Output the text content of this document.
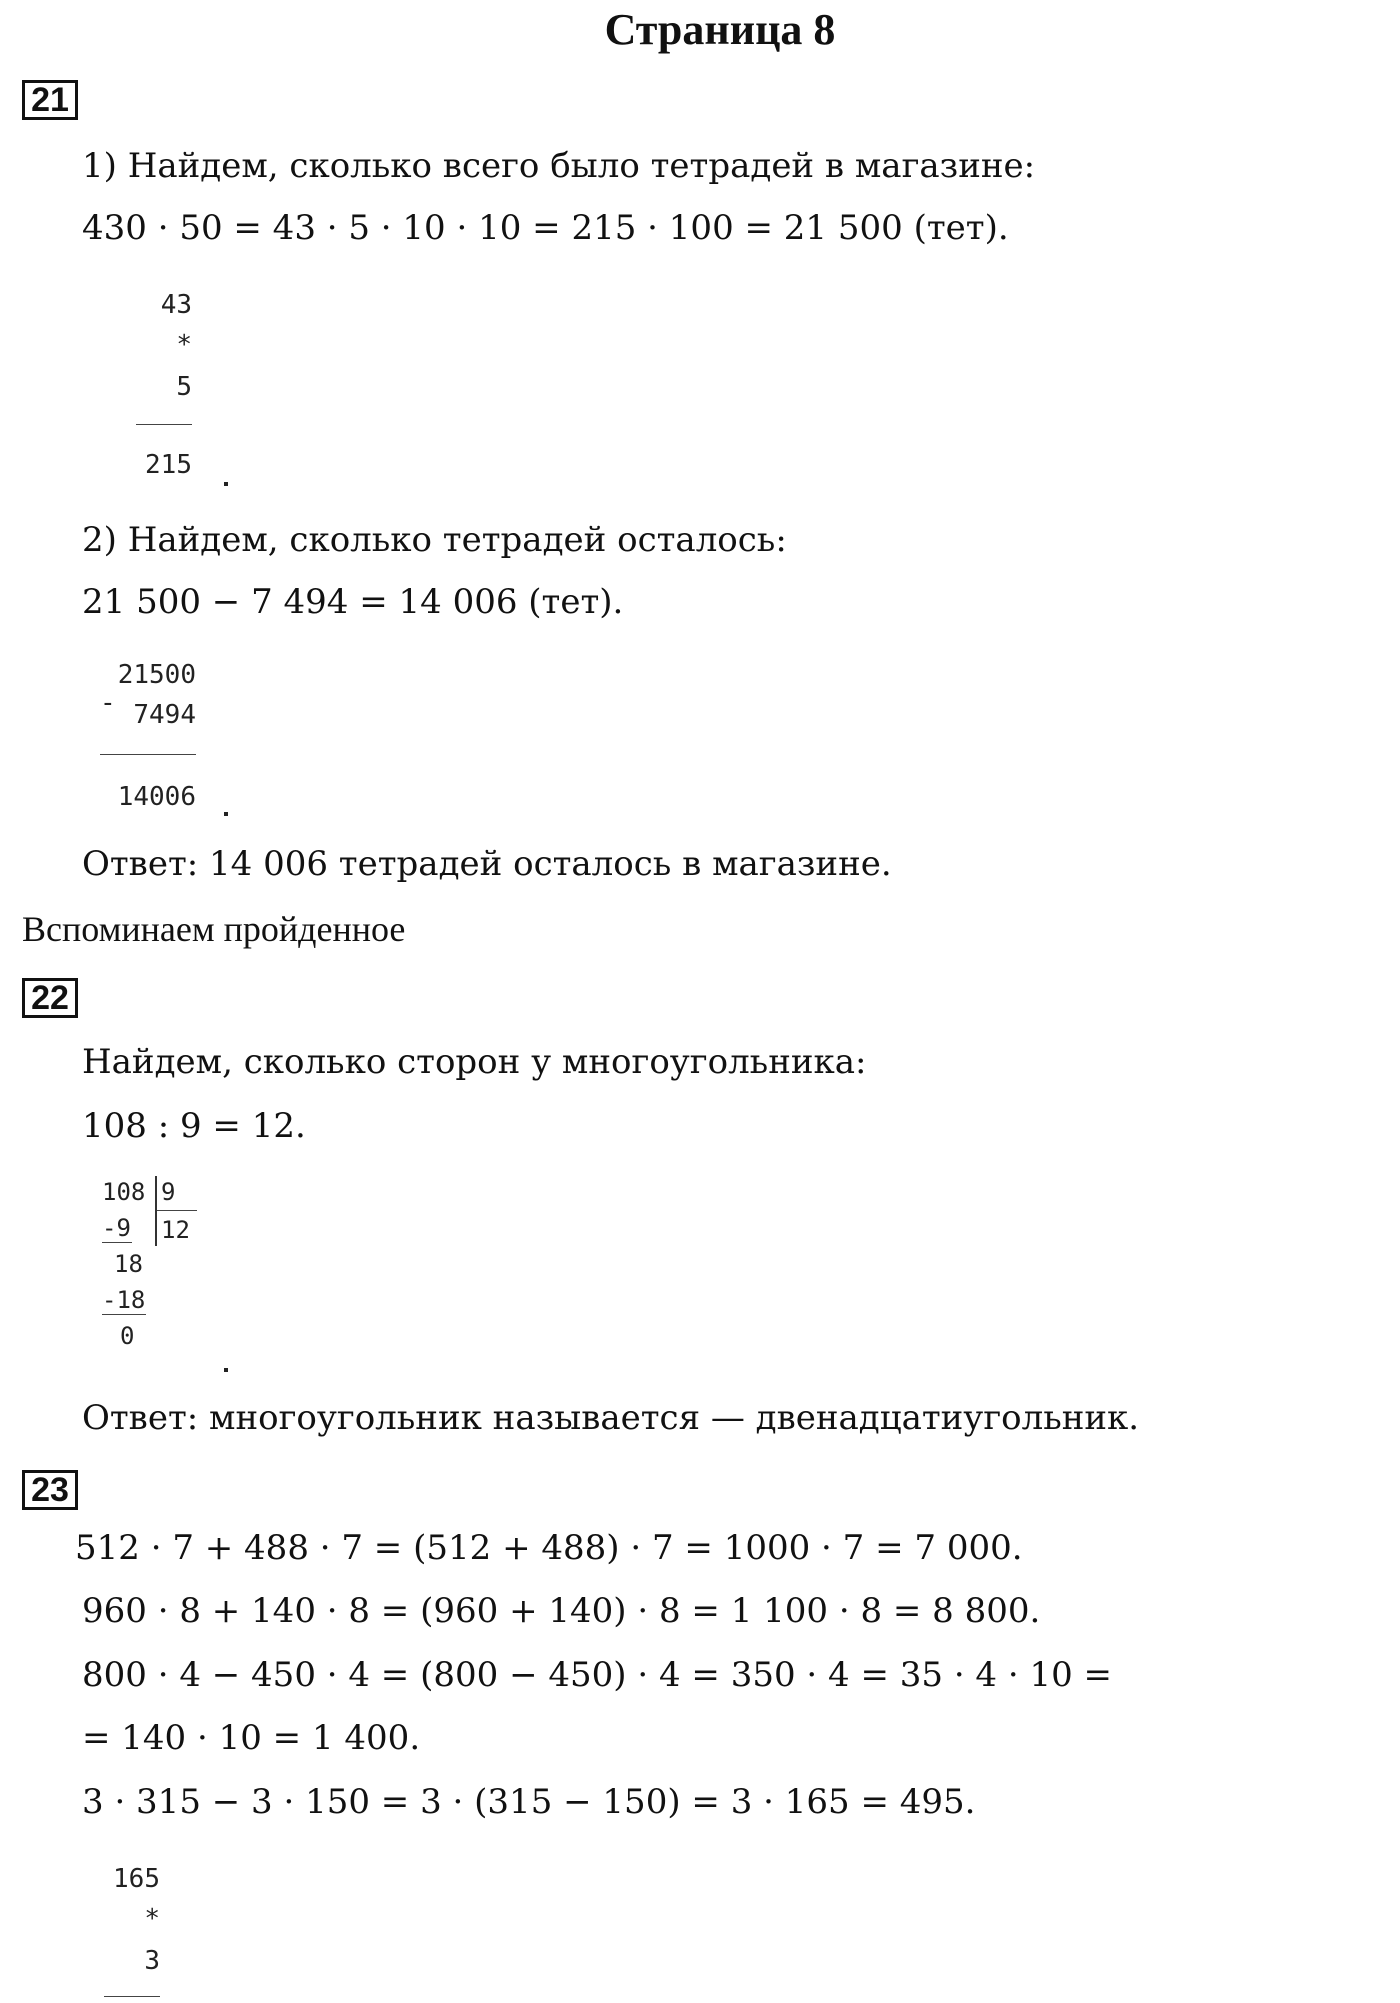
Страница 8
21
1) Найдем, сколько всего было тетрадей в магазине:
430 · 50 = 43 · 5 · 10 · 10 = 215 · 100 = 21 500 (тет).
43
*
5
215
2) Найдем, сколько тетрадей осталось:
21 500 − 7 494 = 14 006 (тет).
21500
7494
-
14006
Ответ: 14 006 тетрадей осталось в магазине.
Вспоминаем пройденное
22
Найдем, сколько сторон у многоугольника:
108 : 9 = 12.
108 9
12
-9
18
-18
0
Ответ: многоугольник называется — двенадцатиугольник.
23
512 · 7 + 488 · 7 = (512 + 488) · 7 = 1000 · 7 = 7 000.
960 · 8 + 140 · 8 = (960 + 140) · 8 = 1 100 · 8 = 8 800.
800 · 4 − 450 · 4 = (800 − 450) · 4 = 350 · 4 = 35 · 4 · 10 =
= 140 · 10 = 1 400.
3 · 315 − 3 · 150 = 3 · (315 − 150) = 3 · 165 = 495.
165
*
3
